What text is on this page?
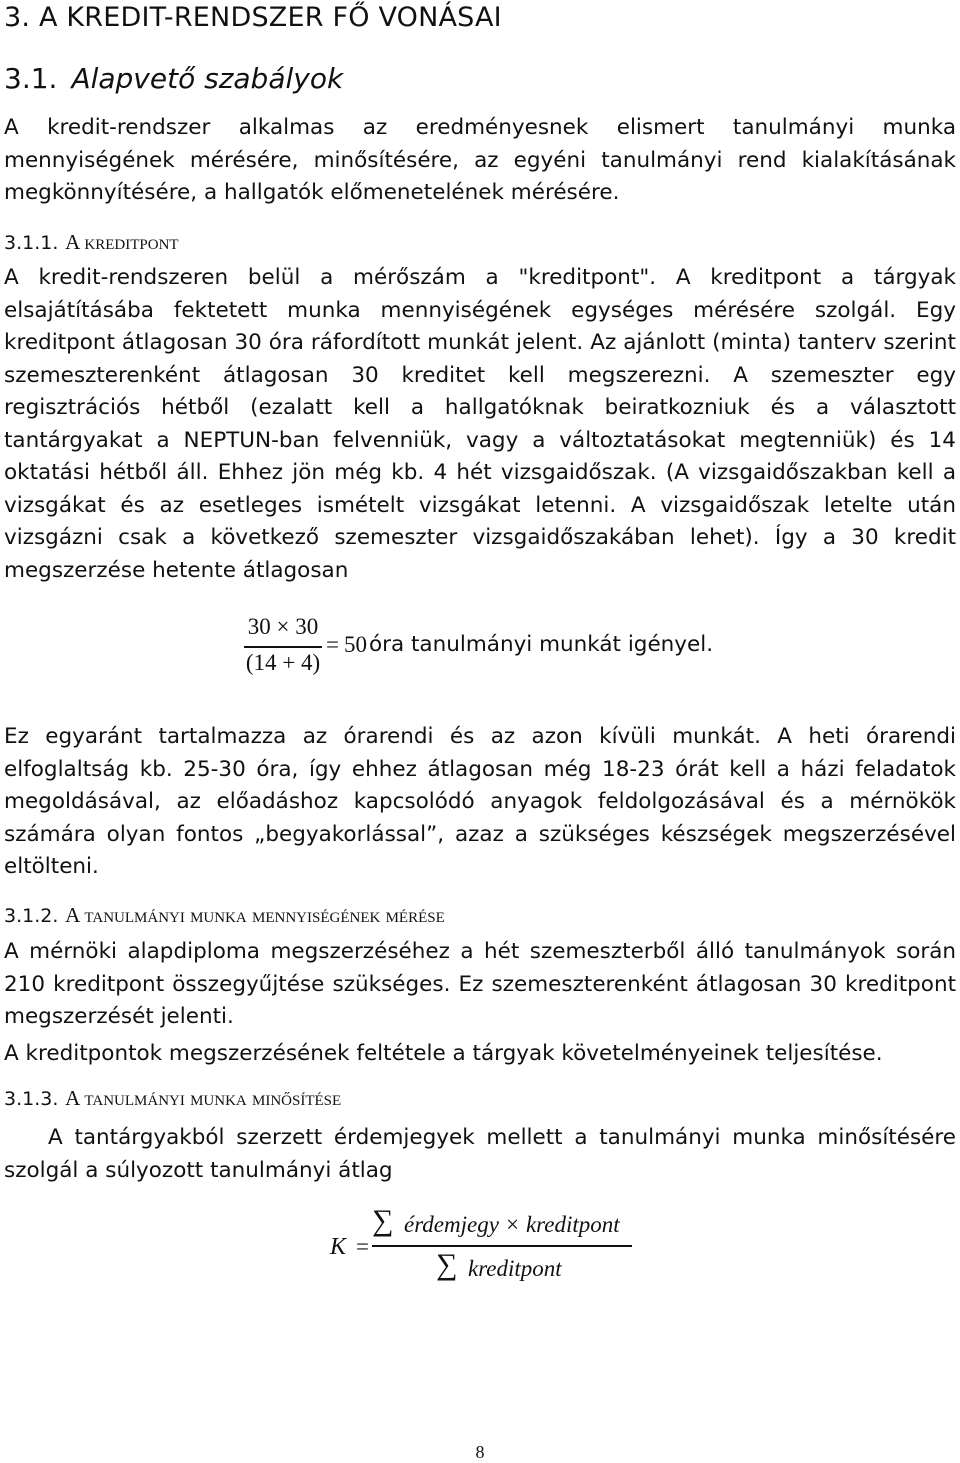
3. A KREDIT-RENDSZER FŐ VONÁSAI
3.1. Alapvető szabályok

A kredit-rendszer alkalmas az eredményesnek elismert tanulmányi munka mennyiségének mérésére, minősítésére, az egyéni tanulmányi rend kialakításának megkönnyítésére, a hallgatók előmenetelének mérésére.

3.1.1. A kreditpont

A kredit-rendszeren belül a mérőszám a "kreditpont". A kreditpont a tárgyak elsajátításába fektetett munka mennyiségének egységes mérésére szolgál. Egy kreditpont átlagosan 30 óra ráfordított munkát jelent. Az ajánlott (minta) tanterv szerint szemeszterenként átlagosan 30 kreditet kell megszerezni. A szemeszter egy regisztrációs hétből (ezalatt kell a hallgatóknak beiratkozniuk és a választott tantárgyakat a NEPTUN-ban felvenniük, vagy a változtatásokat megtenniük) és 14 oktatási hétből áll. Ehhez jön még kb. 4 hét vizsgaidőszak. (A vizsgaidőszakban kell a vizsgákat és az esetleges ismételt vizsgákat letenni. A vizsgaidőszak letelte után vizsgázni csak a következő szemeszter vizsgaidőszakában lehet). Így a 30 kredit megszerzése hetente átlagosan

30 × 30
(14 + 4)
= 50 óra tanulmányi munkát igényel.

Ez egyaránt tartalmazza az órarendi és az azon kívüli munkát. A heti órarendi elfoglaltság kb. 25-30 óra, így ehhez átlagosan még 18-23 órát kell a házi feladatok megoldásával, az előadáshoz kapcsolódó anyagok feldolgozásával és a mérnökök számára olyan fontos „begyakorlással”, azaz a szükséges készségek megszerzésével eltölteni.

3.1.2. A tanulmányi munka mennyiségének mérése

A mérnöki alapdiploma megszerzéséhez a hét szemeszterből álló tanulmányok során 210 kreditpont összegyűjtése szükséges. Ez szemeszterenként átlagosan 30 kreditpont megszerzését jelenti.

A kreditpontok megszerzésének feltétele a tárgyak követelményeinek teljesítése.

3.1.3. A tanulmányi munka minősítése

A tantárgyakból szerzett érdemjegyek mellett a tanulmányi munka minősítésére szolgál a súlyozott tanulmányi átlag

K =
∑ érdemjegy × kreditpont
∑ kreditpont
8
